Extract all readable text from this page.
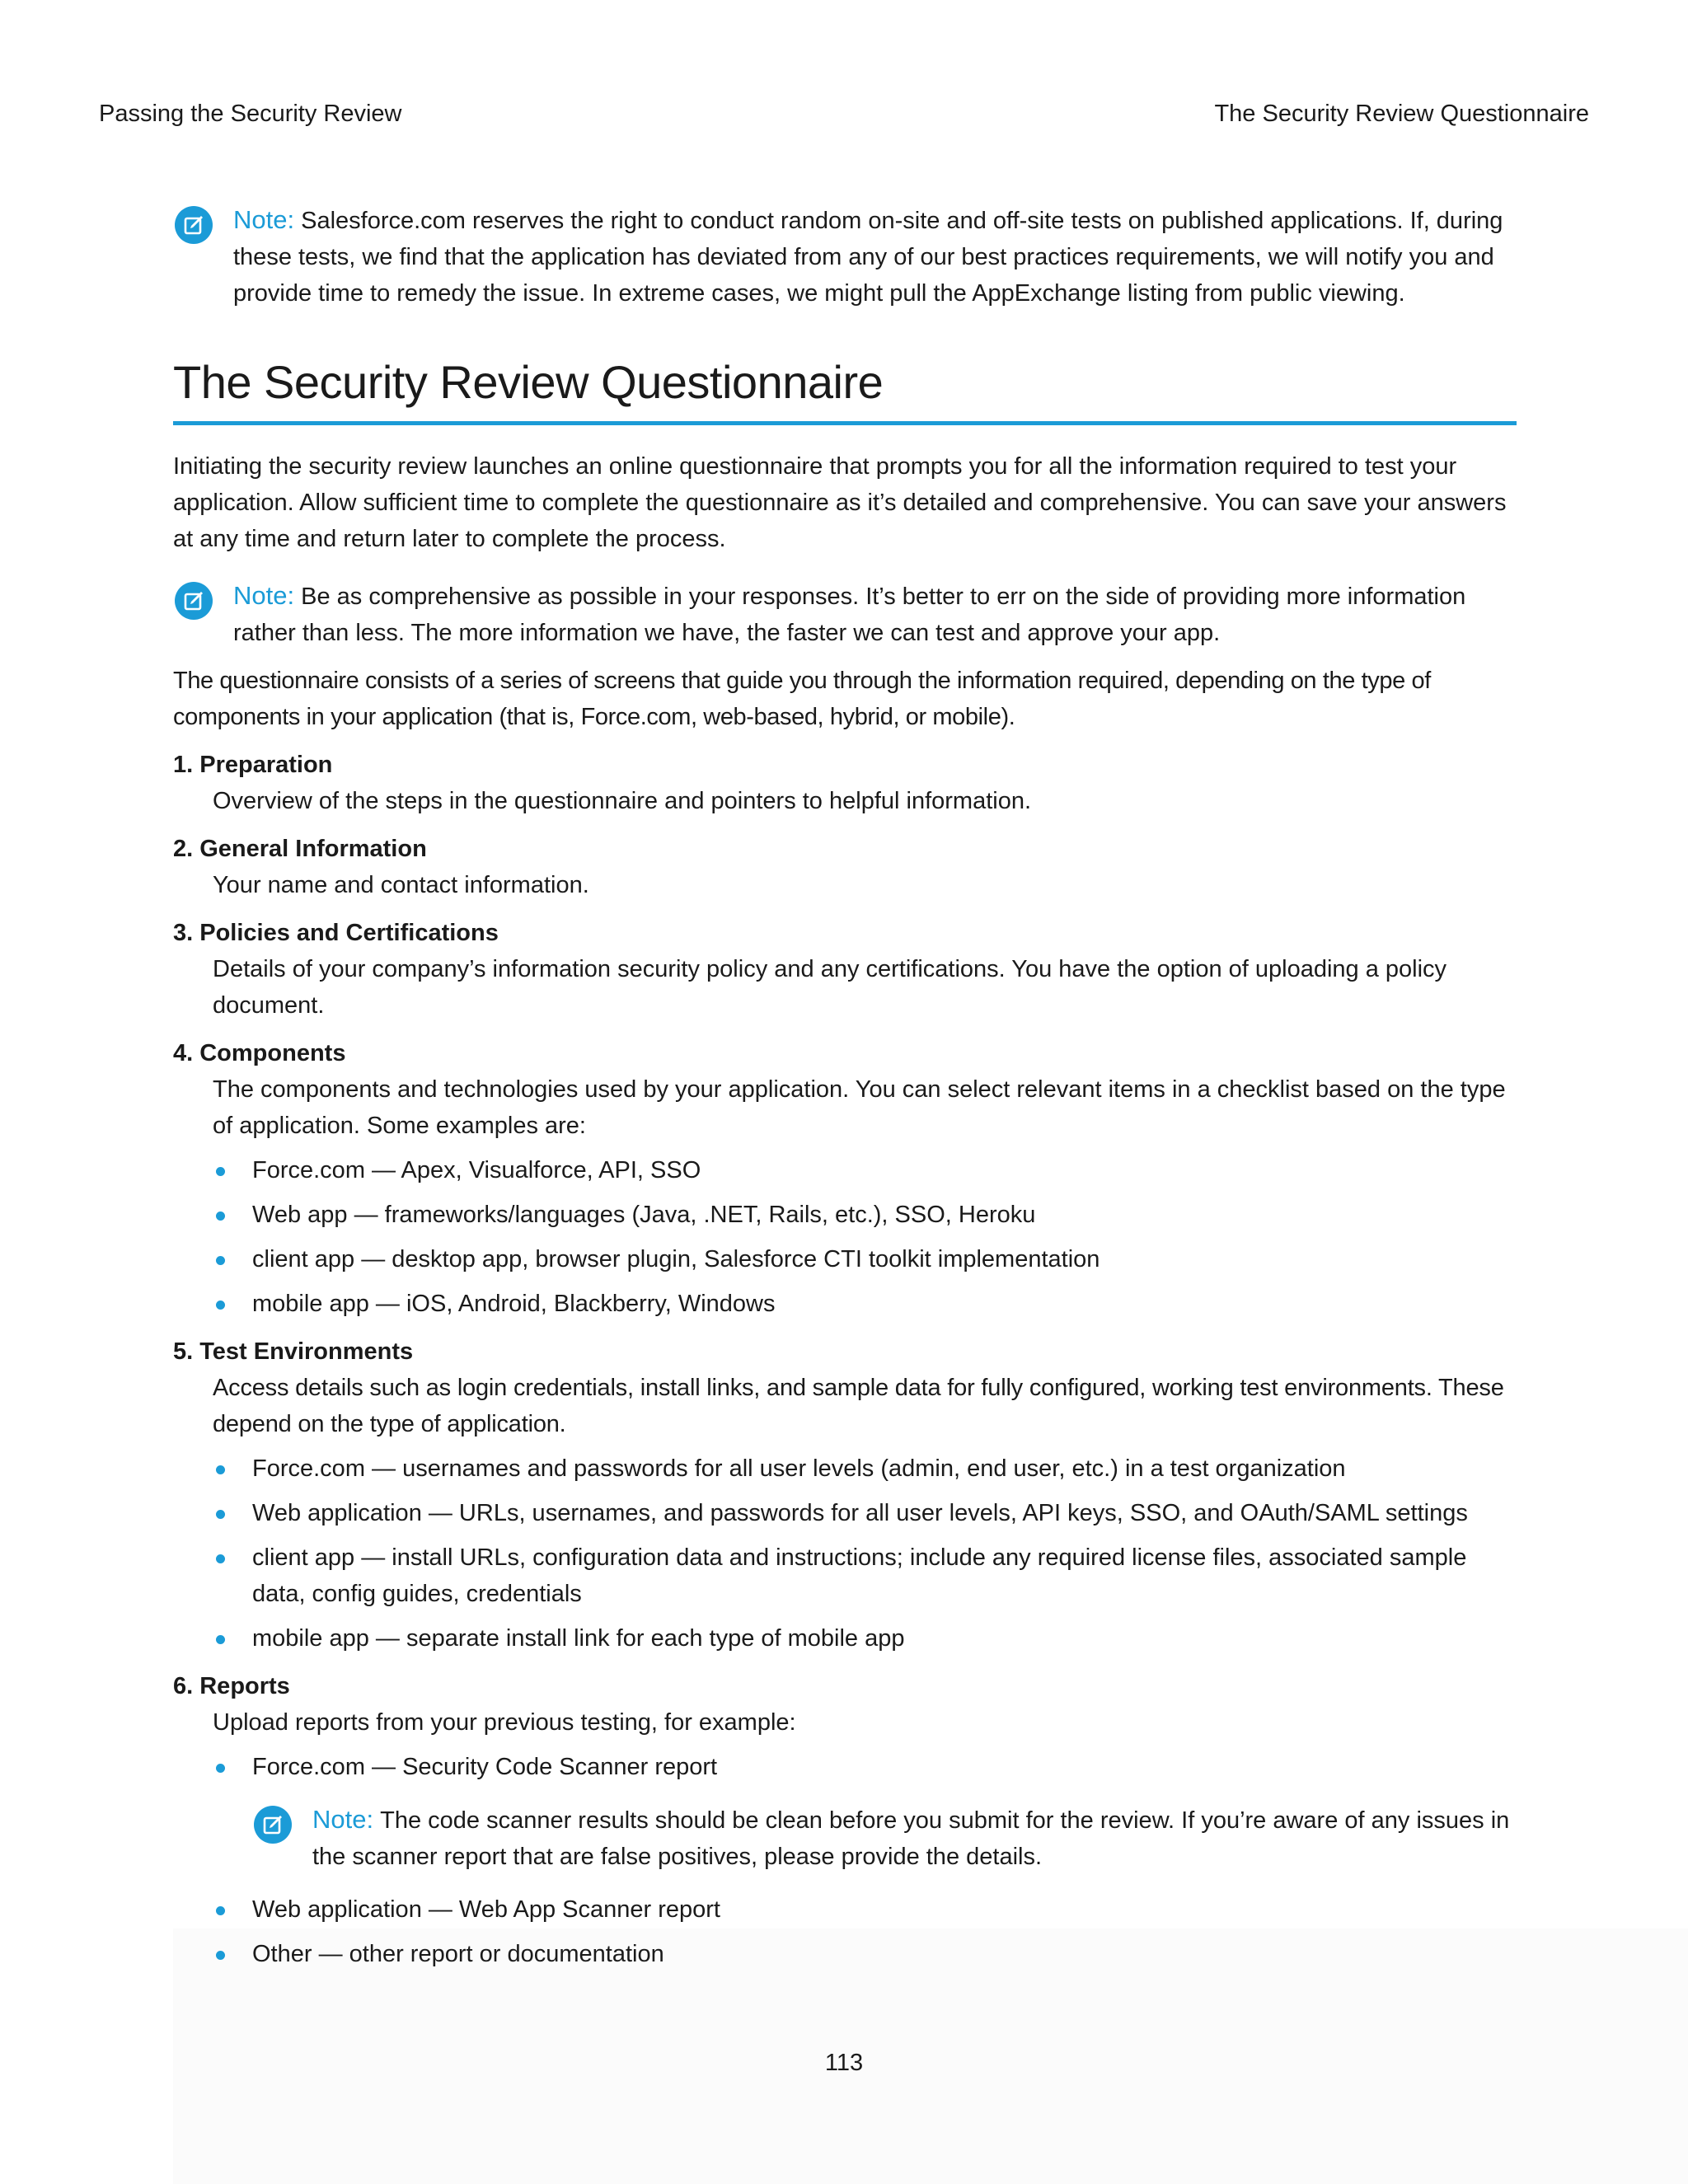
Passing the Security Review	The Security Review Questionnaire

Note: Salesforce.com reserves the right to conduct random on-site and off-site tests on published applications. If, during these tests, we find that the application has deviated from any of our best practices requirements, we will notify you and provide time to remedy the issue. In extreme cases, we might pull the AppExchange listing from public viewing.

The Security Review Questionnaire

Initiating the security review launches an online questionnaire that prompts you for all the information required to test your application. Allow sufficient time to complete the questionnaire as it’s detailed and comprehensive. You can save your answers at any time and return later to complete the process.

Note: Be as comprehensive as possible in your responses. It’s better to err on the side of providing more information rather than less. The more information we have, the faster we can test and approve your app.

The questionnaire consists of a series of screens that guide you through the information required, depending on the type of components in your application (that is, Force.com, web-based, hybrid, or mobile).

1. Preparation

Overview of the steps in the questionnaire and pointers to helpful information.

2. General Information

Your name and contact information.

3. Policies and Certifications

Details of your company’s information security policy and any certifications. You have the option of uploading a policy document.

4. Components

The components and technologies used by your application. You can select relevant items in a checklist based on the type of application. Some examples are:

Force.com — Apex, Visualforce, API, SSO
Web app — frameworks/languages (Java, .NET, Rails, etc.), SSO, Heroku
client app — desktop app, browser plugin, Salesforce CTI toolkit implementation
mobile app — iOS, Android, Blackberry, Windows

5. Test Environments

Access details such as login credentials, install links, and sample data for fully configured, working test environments. These depend on the type of application.

Force.com — usernames and passwords for all user levels (admin, end user, etc.) in a test organization
Web application — URLs, usernames, and passwords for all user levels, API keys, SSO, and OAuth/SAML settings
client app — install URLs, configuration data and instructions; include any required license files, associated sample data, config guides, credentials
mobile app — separate install link for each type of mobile app

6. Reports

Upload reports from your previous testing, for example:

Force.com — Security Code Scanner report

Note: The code scanner results should be clean before you submit for the review. If you’re aware of any issues in the scanner report that are false positives, please provide the details.

Web application — Web App Scanner report
Other — other report or documentation
113
